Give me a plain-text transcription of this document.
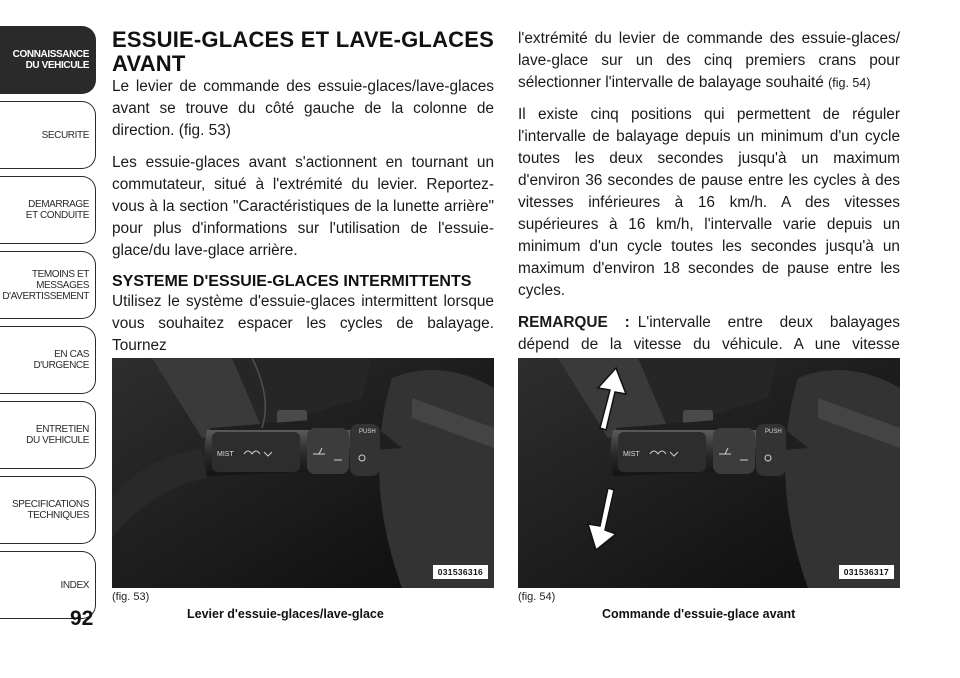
CONNAISSANCE
DU VEHICULE
SECURITE
DEMARRAGE
ET CONDUITE
TEMOINS ET
MESSAGES
D'AVERTISSEMENT
EN CAS
D'URGENCE
ENTRETIEN
DU VEHICULE
SPECIFICATIONS
TECHNIQUES
INDEX
92
ESSUIE-GLACES ET LAVE-GLACES AVANT

Le levier de commande des essuie-glaces/lave-glaces avant se trouve du côté gauche de la colonne de direction. (fig. 53)

Les essuie-glaces avant s'actionnent en tournant un commutateur, situé à l'extrémité du levier. Reportez-vous à la section "Caractéristiques de la lunette arrière" pour plus d'informations sur l'utilisation de l'essuie-glace/du lave-glace arrière.

SYSTEME D'ESSUIE-GLACES INTERMITTENTS

Utilisez le système d'essuie-glaces intermittent lorsque vous souhaitez espacer les cycles de balayage. Tournez

l'extrémité du levier de commande des essuie-glaces/ lave-glace sur un des cinq premiers crans pour sélectionner l'intervalle de balayage souhaité (fig. 54)

Il existe cinq positions qui permettent de réguler l'intervalle de balayage depuis un minimum d'un cycle toutes les deux secondes jusqu'à un maximum d'environ 36 secondes de pause entre les cycles à des vitesses inférieures à 16 km/h. A des vitesses supérieures à 16 km/h, l'intervalle varie depuis un minimum d'un cycle toutes les secondes jusqu'à un maximum d'environ 18 secondes de pause entre les cycles.

REMARQUE : L'intervalle entre deux balayages dépend de la vitesse du véhicule. A une vitesse

MIST
PUSH
031536316
(fig. 53)
Levier d'essuie-glaces/lave-glace
MIST
PUSH
031536317
(fig. 54)
Commande d'essuie-glace avant
